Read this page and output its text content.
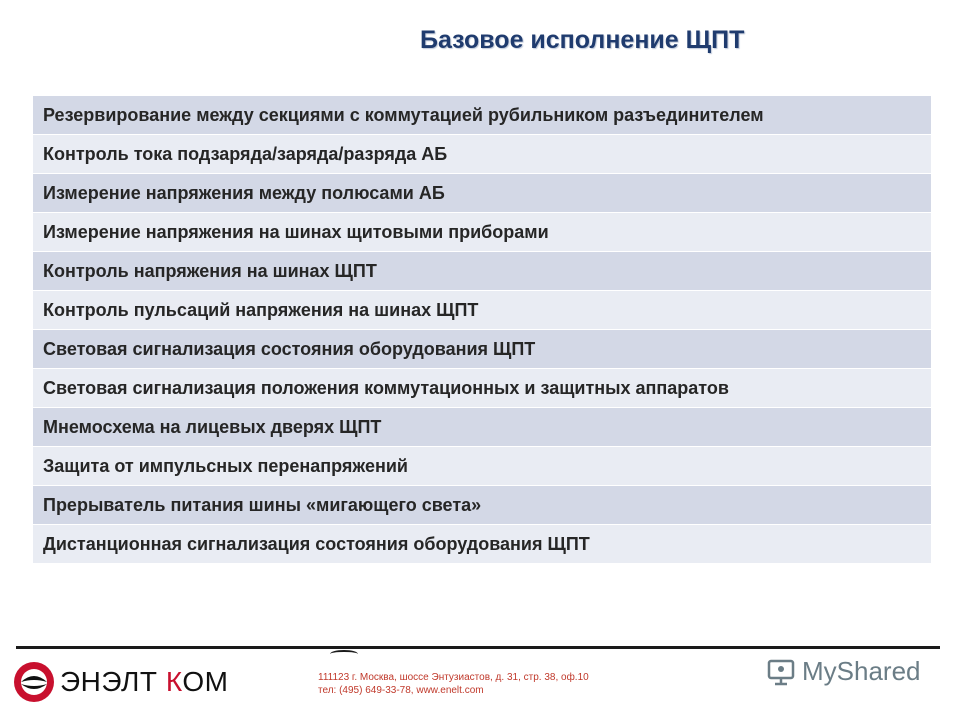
Базовое исполнение ЩПТ
Резервирование между секциями с коммутацией рубильником разъединителем
Контроль тока подзаряда/заряда/разряда АБ
Измерение напряжения между полюсами АБ
Измерение напряжения на шинах щитовыми приборами
Контроль напряжения на шинах ЩПТ
Контроль пульсаций напряжения на шинах ЩПТ
Световая сигнализация состояния оборудования ЩПТ
Световая сигнализация положения коммутационных и защитных аппаратов
Мнемосхема на лицевых дверях ЩПТ
Защита от импульсных перенапряжений
Прерыватель питания шины «мигающего света»
Дистанционная сигнализация состояния оборудования ЩПТ
ЭНЭЛТ КОМ	111123 г. Москва, шоссе Энтузиастов, д. 31, стр. 38, оф.10
тел: (495) 649-33-78, www.enelt.com
MyShared
